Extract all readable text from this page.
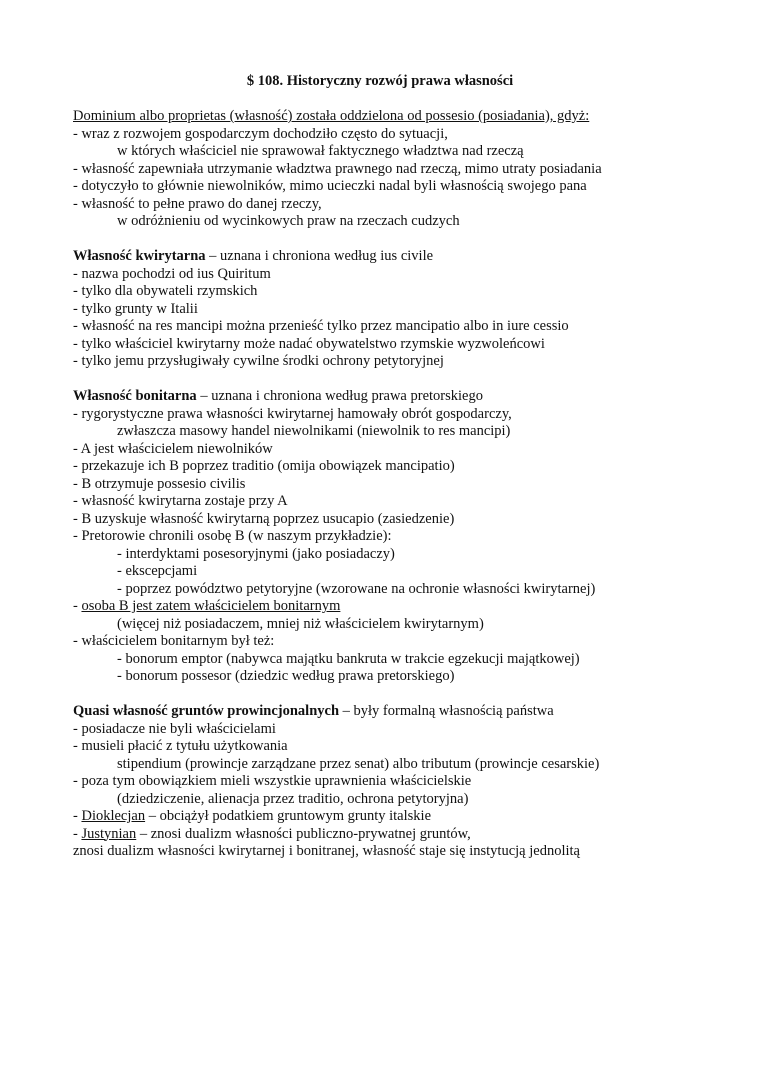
$ 108. Historyczny rozwój prawa własności
Dominium albo proprietas (własność) została oddzielona od possesio (posiadania), gdyż:
- wraz z rozwojem gospodarczym dochodziło często do sytuacji,
w których właściciel nie sprawował faktycznego władztwa nad rzeczą
- własność zapewniała utrzymanie władztwa prawnego nad rzeczą, mimo utraty posiadania
- dotyczyło to głównie niewolników, mimo ucieczki nadal byli własnością swojego pana
- własność to pełne prawo do danej rzeczy,
w odróżnieniu od wycinkowych praw na rzeczach cudzych
Własność kwirytarna – uznana i chroniona według ius civile
- nazwa pochodzi od ius Quiritum
- tylko dla obywateli rzymskich
- tylko grunty w Italii
- własność na res mancipi można przenieść tylko przez mancipatio albo in iure cessio
- tylko właściciel kwirytarny może nadać obywatelstwo rzymskie wyzwoleńcowi
- tylko jemu przysługiwały cywilne środki ochrony petytoryjnej
Własność bonitarna – uznana i chroniona według prawa pretorskiego
- rygorystyczne prawa własności kwirytarnej hamowały obrót gospodarczy,
zwłaszcza masowy handel niewolnikami (niewolnik to res mancipi)
- A jest właścicielem niewolników
- przekazuje ich B poprzez traditio (omija obowiązek mancipatio)
- B otrzymuje possesio civilis
- własność kwirytarna zostaje przy A
- B uzyskuje własność kwirytarną poprzez usucapio (zasiedzenie)
- Pretorowie chronili osobę B (w naszym przykładzie):
- interdyktami posesoryjnymi (jako posiadaczy)
- ekscepcjami
- poprzez powództwo petytoryjne (wzorowane na ochronie własności kwirytarnej)
- osoba B jest zatem właścicielem bonitarnym
(więcej niż posiadaczem, mniej niż właścicielem kwirytarnym)
- właścicielem bonitarnym był też:
- bonorum emptor (nabywca majątku bankruta w trakcie egzekucji majątkowej)
- bonorum possesor (dziedzic według prawa pretorskiego)
Quasi własność gruntów prowincjonalnych – były formalną własnością państwa
- posiadacze nie byli właścicielami
- musieli płacić z tytułu użytkowania
stipendium (prowincje zarządzane przez senat) albo tributum (prowincje cesarskie)
- poza tym obowiązkiem mieli wszystkie uprawnienia właścicielskie
(dziedziczenie, alienacja przez traditio, ochrona petytoryjna)
- Dioklecjan – obciążył podatkiem gruntowym grunty italskie
- Justynian – znosi dualizm własności publiczno-prywatnej gruntów,
znosi dualizm własności kwirytarnej i bonitranej, własność staje się instytucją jednolitą
